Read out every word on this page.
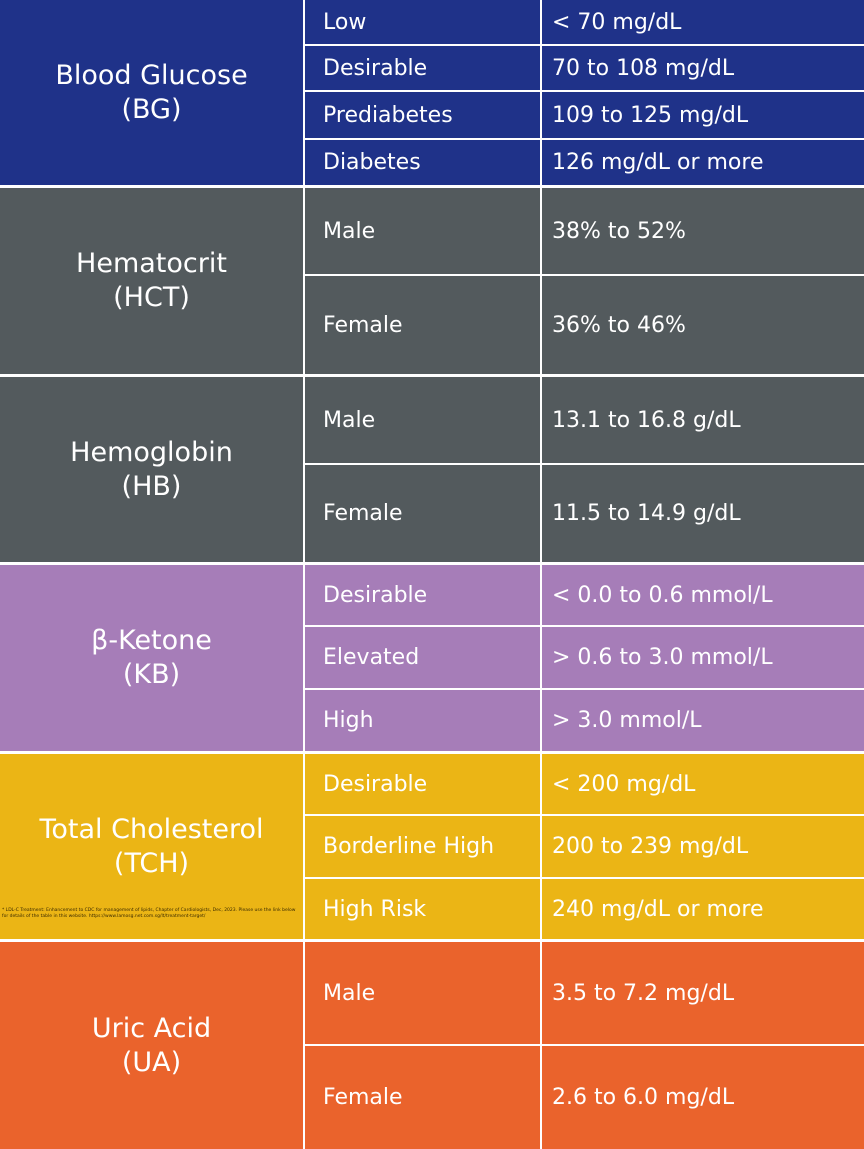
Blood Glucose
(BG)
Low	< 70 mg/dL
Desirable	70 to 108 mg/dL
Prediabetes	109 to 125 mg/dL
Diabetes	126 mg/dL or more
Hematocrit
(HCT)
Male	38% to 52%
Female	36% to 46%
Hemoglobin
(HB)
Male	13.1 to 16.8 g/dL
Female	11.5 to 14.9 g/dL
β-Ketone
(KB)
Desirable	< 0.0 to 0.6 mmol/L
Elevated	> 0.6 to 3.0 mmol/L
High	> 3.0 mmol/L
Total Cholesterol
(TCH)
Desirable	< 200 mg/dL
Borderline High	200 to 239 mg/dL
High Risk	240 mg/dL or more
Uric Acid
(UA)
Male	3.5 to 7.2 mg/dL
Female	2.6 to 6.0 mg/dL
* LDL-C Treatment: Enhancement to CDC for management of lipids, Chapter of Cardiologists, Dec, 2023. Please use the link below for details of the table in this website. https://www.lamosg.net.com.sg/lt/treatment-target/
